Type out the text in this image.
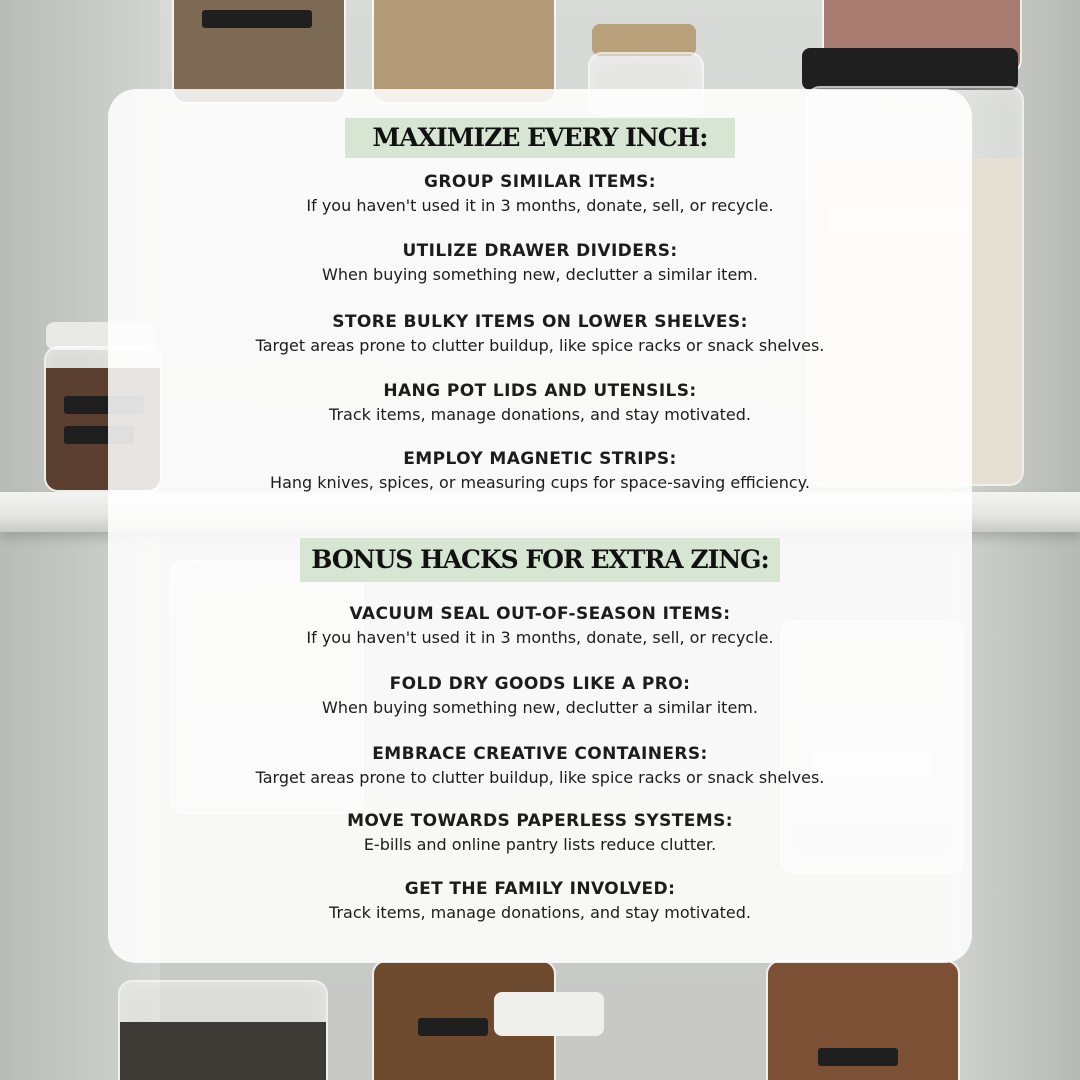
MAXIMIZE EVERY INCH:
GROUP SIMILAR ITEMS:
If you haven't used it in 3 months, donate, sell, or recycle.
UTILIZE DRAWER DIVIDERS:
When buying something new, declutter a similar item.
STORE BULKY ITEMS ON LOWER SHELVES:
Target areas prone to clutter buildup, like spice racks or snack shelves.
HANG POT LIDS AND UTENSILS:
Track items, manage donations, and stay motivated.
EMPLOY MAGNETIC STRIPS:
Hang knives, spices, or measuring cups for space-saving efficiency.
BONUS HACKS FOR EXTRA ZING:
VACUUM SEAL OUT-OF-SEASON ITEMS:
If you haven't used it in 3 months, donate, sell, or recycle.
FOLD DRY GOODS LIKE A PRO:
When buying something new, declutter a similar item.
EMBRACE CREATIVE CONTAINERS:
Target areas prone to clutter buildup, like spice racks or snack shelves.
MOVE TOWARDS PAPERLESS SYSTEMS:
E-bills and online pantry lists reduce clutter.
GET THE FAMILY INVOLVED:
Track items, manage donations, and stay motivated.
